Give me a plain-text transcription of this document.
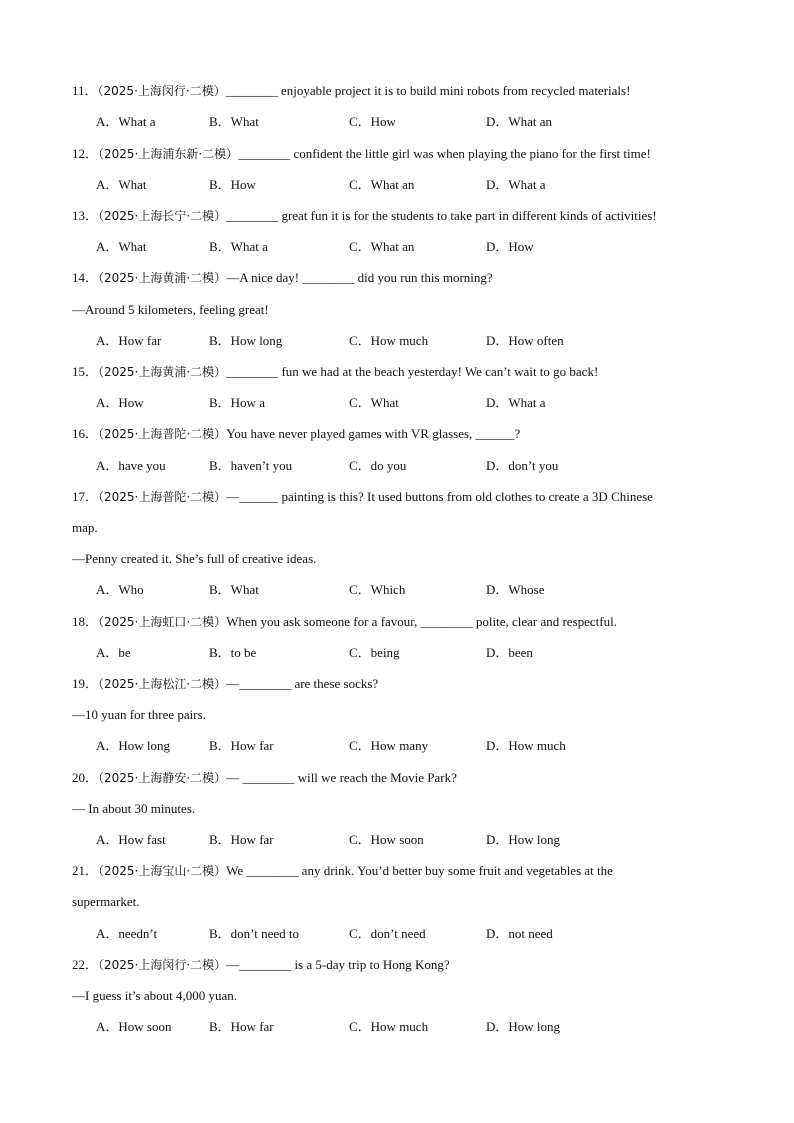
11．（2025·上海闵行·二模）________ enjoyable project it is to build mini robots from recycled materials!
A．What a	B．What	C．How	D．What an
12．（2025·上海浦东新·二模）________ confident the little girl was when playing the piano for the first time!
A．What	B．How	C．What an	D．What a
13．（2025·上海长宁·二模）________ great fun it is for the students to take part in different kinds of activities!
A．What	B．What a	C．What an	D．How
14．（2025·上海黄浦·二模）—A nice day! ________ did you run this morning?
—Around 5 kilometers, feeling great!
A．How far	B．How long	C．How much	D．How often
15．（2025·上海黄浦·二模）________ fun we had at the beach yesterday! We can’t wait to go back!
A．How	B．How a	C．What	D．What a
16．（2025·上海普陀·二模）You have never played games with VR glasses, ______?
A．have you	B．haven’t you	C．do you	D．don’t you
17．（2025·上海普陀·二模）—______ painting is this? It used buttons from old clothes to create a 3D Chinese
map.
—Penny created it. She’s full of creative ideas.
A．Who	B．What	C．Which	D．Whose
18．（2025·上海虹口·二模）When you ask someone for a favour, ________ polite, clear and respectful.
A．be	B．to be	C．being	D．been
19．（2025·上海松江·二模）—________ are these socks?
—10 yuan for three pairs.
A．How long	B．How far	C．How many	D．How much
20．（2025·上海静安·二模）— ________ will we reach the Movie Park?
— In about 30 minutes.
A．How fast	B．How far	C．How soon	D．How long
21．（2025·上海宝山·二模）We ________ any drink. You’d better buy some fruit and vegetables at the
supermarket.
A．needn’t	B．don’t need to	C．don’t need	D．not need
22．（2025·上海闵行·二模）—________ is a 5-day trip to Hong Kong?
—I guess it’s about 4,000 yuan.
A．How soon	B．How far	C．How much	D．How long
